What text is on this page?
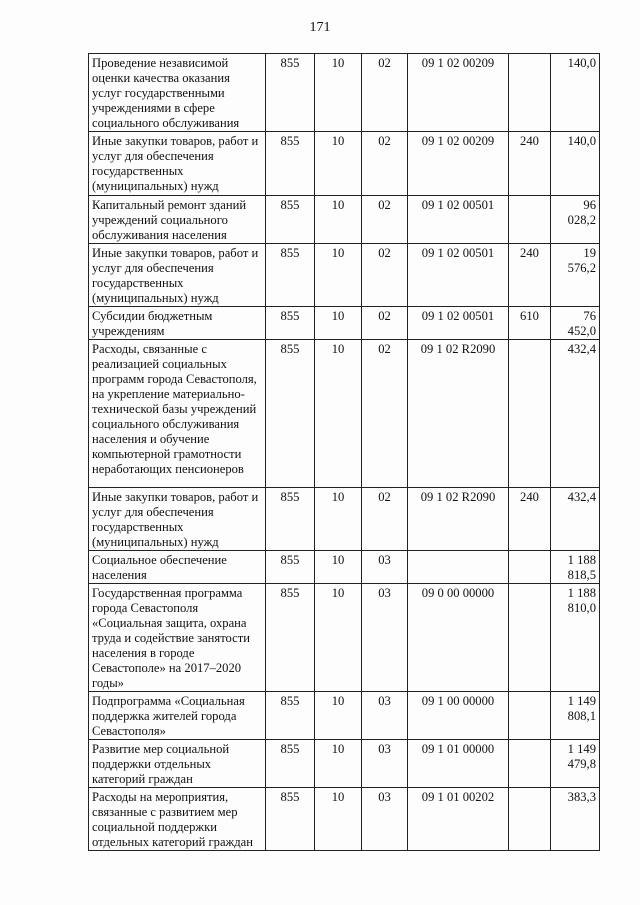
171
Проведение независимой оценки качества оказания услуг государственными учреждениями в сфере социального обслуживания	855	10	02	09 1 02 00209		140,0
Иные закупки товаров, работ и услуг для обеспечения государственных (муниципальных) нужд	855	10	02	09 1 02 00209	240	140,0
Капитальный ремонт зданий учреждений социального обслуживания населения	855	10	02	09 1 02 00501		96 028,2
Иные закупки товаров, работ и услуг для обеспечения государственных (муниципальных) нужд	855	10	02	09 1 02 00501	240	19 576,2
Субсидии бюджетным учреждениям	855	10	02	09 1 02 00501	610	76 452,0
Расходы, связанные с реализацией социальных программ города Севастополя, на укрепление материально-технической базы учреждений социального обслуживания населения и обучение компьютерной грамотности неработающих пенсионеров	855	10	02	09 1 02 R2090		432,4
Иные закупки товаров, работ и услуг для обеспечения государственных (муниципальных) нужд	855	10	02	09 1 02 R2090	240	432,4
Социальное обеспечение населения	855	10	03			1 188 818,5
Государственная программа города Севастополя «Социальная защита, охрана труда и содействие занятости населения в городе Севастополе» на 2017–2020 годы»	855	10	03	09 0 00 00000		1 188 810,0
Подпрограмма «Социальная поддержка жителей города Севастополя»	855	10	03	09 1 00 00000		1 149 808,1
Развитие мер социальной поддержки отдельных категорий граждан	855	10	03	09 1 01 00000		1 149 479,8
Расходы на мероприятия, связанные с развитием мер социальной поддержки отдельных категорий граждан	855	10	03	09 1 01 00202		383,3
